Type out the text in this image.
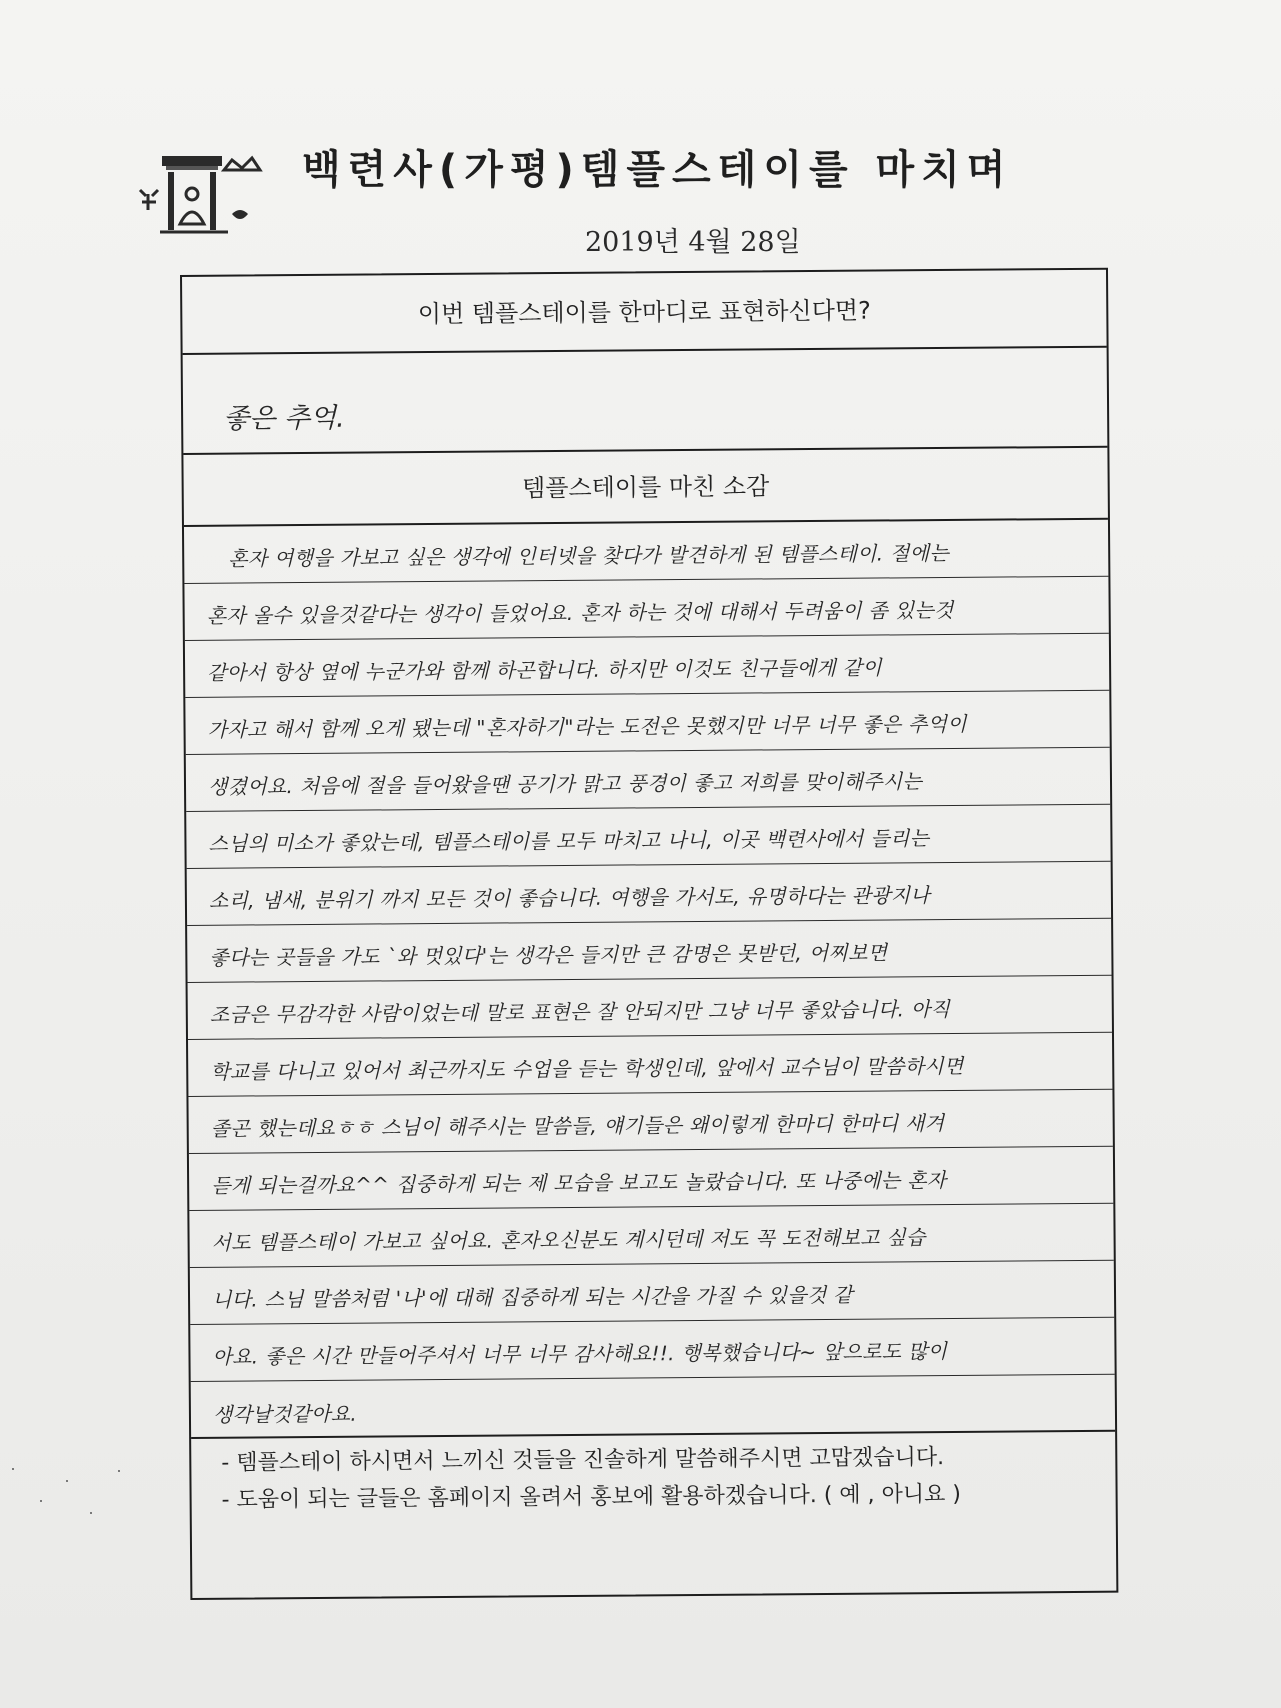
백련사(가평)템플스테이를 마치며
2019년 4월 28일
이번 템플스테이를 한마디로 표현하신다면?
좋은 추억.
템플스테이를 마친 소감
혼자 여행을 가보고 싶은 생각에 인터넷을 찾다가 발견하게 된 템플스테이. 절에는
혼자 올수 있을것같다는 생각이 들었어요. 혼자 하는 것에 대해서 두려움이 좀 있는것
같아서 항상 옆에 누군가와 함께 하곤합니다. 하지만 이것도 친구들에게 같이
가자고 해서 함께 오게 됐는데 "혼자하기"라는 도전은 못했지만 너무 너무 좋은 추억이
생겼어요. 처음에 절을 들어왔을땐 공기가 맑고 풍경이 좋고 저희를 맞이해주시는
스님의 미소가 좋았는데, 템플스테이를 모두 마치고 나니, 이곳 백련사에서 들리는
소리, 냄새, 분위기 까지 모든 것이 좋습니다. 여행을 가서도, 유명하다는 관광지나
좋다는 곳들을 가도 `와 멋있다'는 생각은 들지만 큰 감명은 못받던, 어찌보면
조금은 무감각한 사람이었는데 말로 표현은 잘 안되지만 그냥 너무 좋았습니다. 아직
학교를 다니고 있어서 최근까지도 수업을 듣는 학생인데, 앞에서 교수님이 말씀하시면
졸곤 했는데요ㅎㅎ 스님이 해주시는 말씀들, 얘기들은 왜이렇게 한마디 한마디 새겨
듣게 되는걸까요^^ 집중하게 되는 제 모습을 보고도 놀랐습니다. 또 나중에는 혼자
서도 템플스테이 가보고 싶어요. 혼자오신분도 계시던데 저도 꼭 도전해보고 싶습
니다. 스님 말씀처럼 '나'에 대해 집중하게 되는 시간을 가질 수 있을것 같
아요. 좋은 시간 만들어주셔서 너무 너무 감사해요!!. 행복했습니다~ 앞으로도 많이
생각날것같아요.
- 템플스테이 하시면서 느끼신 것들을 진솔하게 말씀해주시면 고맙겠습니다.
- 도움이 되는 글들은 홈페이지 올려서 홍보에 활용하겠습니다. ( 예 , 아니요 )
